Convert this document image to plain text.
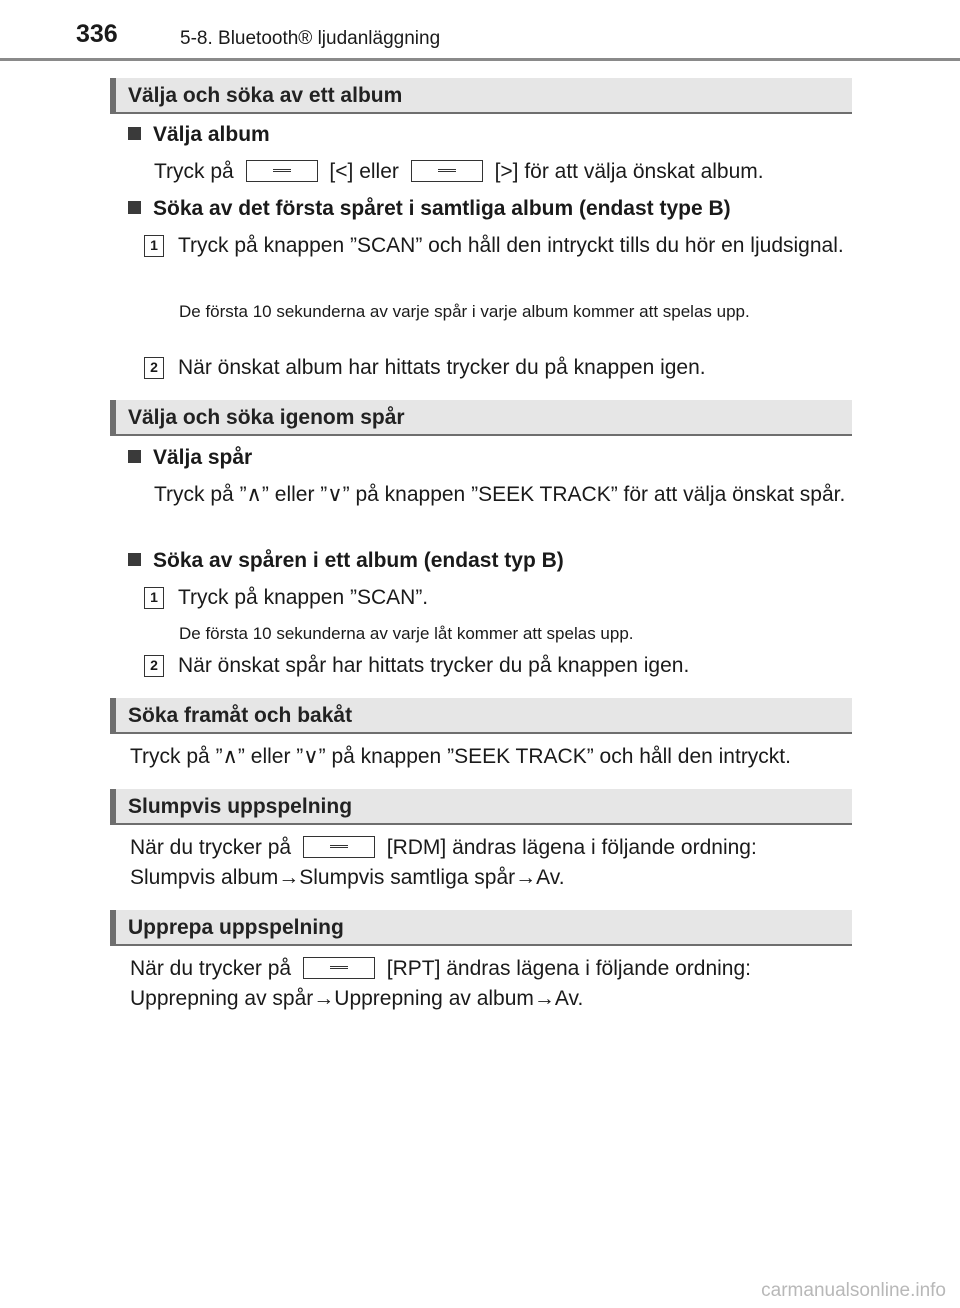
336	5-8. Bluetooth® ljudanläggning
Välja och söka av ett album
Välja album
Tryck på	[<] eller	[>] för att välja önskat album.
Söka av det första spåret i samtliga album (endast type B)
1 Tryck på knappen ”SCAN” och håll den intryckt tills du hör en ljudsignal.
De första 10 sekunderna av varje spår i varje album kommer att spelas upp.
2 När önskat album har hittats trycker du på knappen igen.
Välja och söka igenom spår
Välja spår
Tryck på ”∧” eller ”∨” på knappen ”SEEK TRACK” för att välja önskat spår.
Söka av spåren i ett album (endast typ B)
1 Tryck på knappen ”SCAN”.
De första 10 sekunderna av varje låt kommer att spelas upp.
2 När önskat spår har hittats trycker du på knappen igen.
Söka framåt och bakåt
Tryck på ”∧” eller ”∨” på knappen ”SEEK TRACK” och håll den intryckt.
Slumpvis uppspelning
När du trycker på	[RDM] ändras lägena i följande ordning:
Slumpvis album→Slumpvis samtliga spår→Av.
Upprepa uppspelning
När du trycker på	[RPT] ändras lägena i följande ordning:
Upprepning av spår→Upprepning av album→Av.
carmanualsonline.info
